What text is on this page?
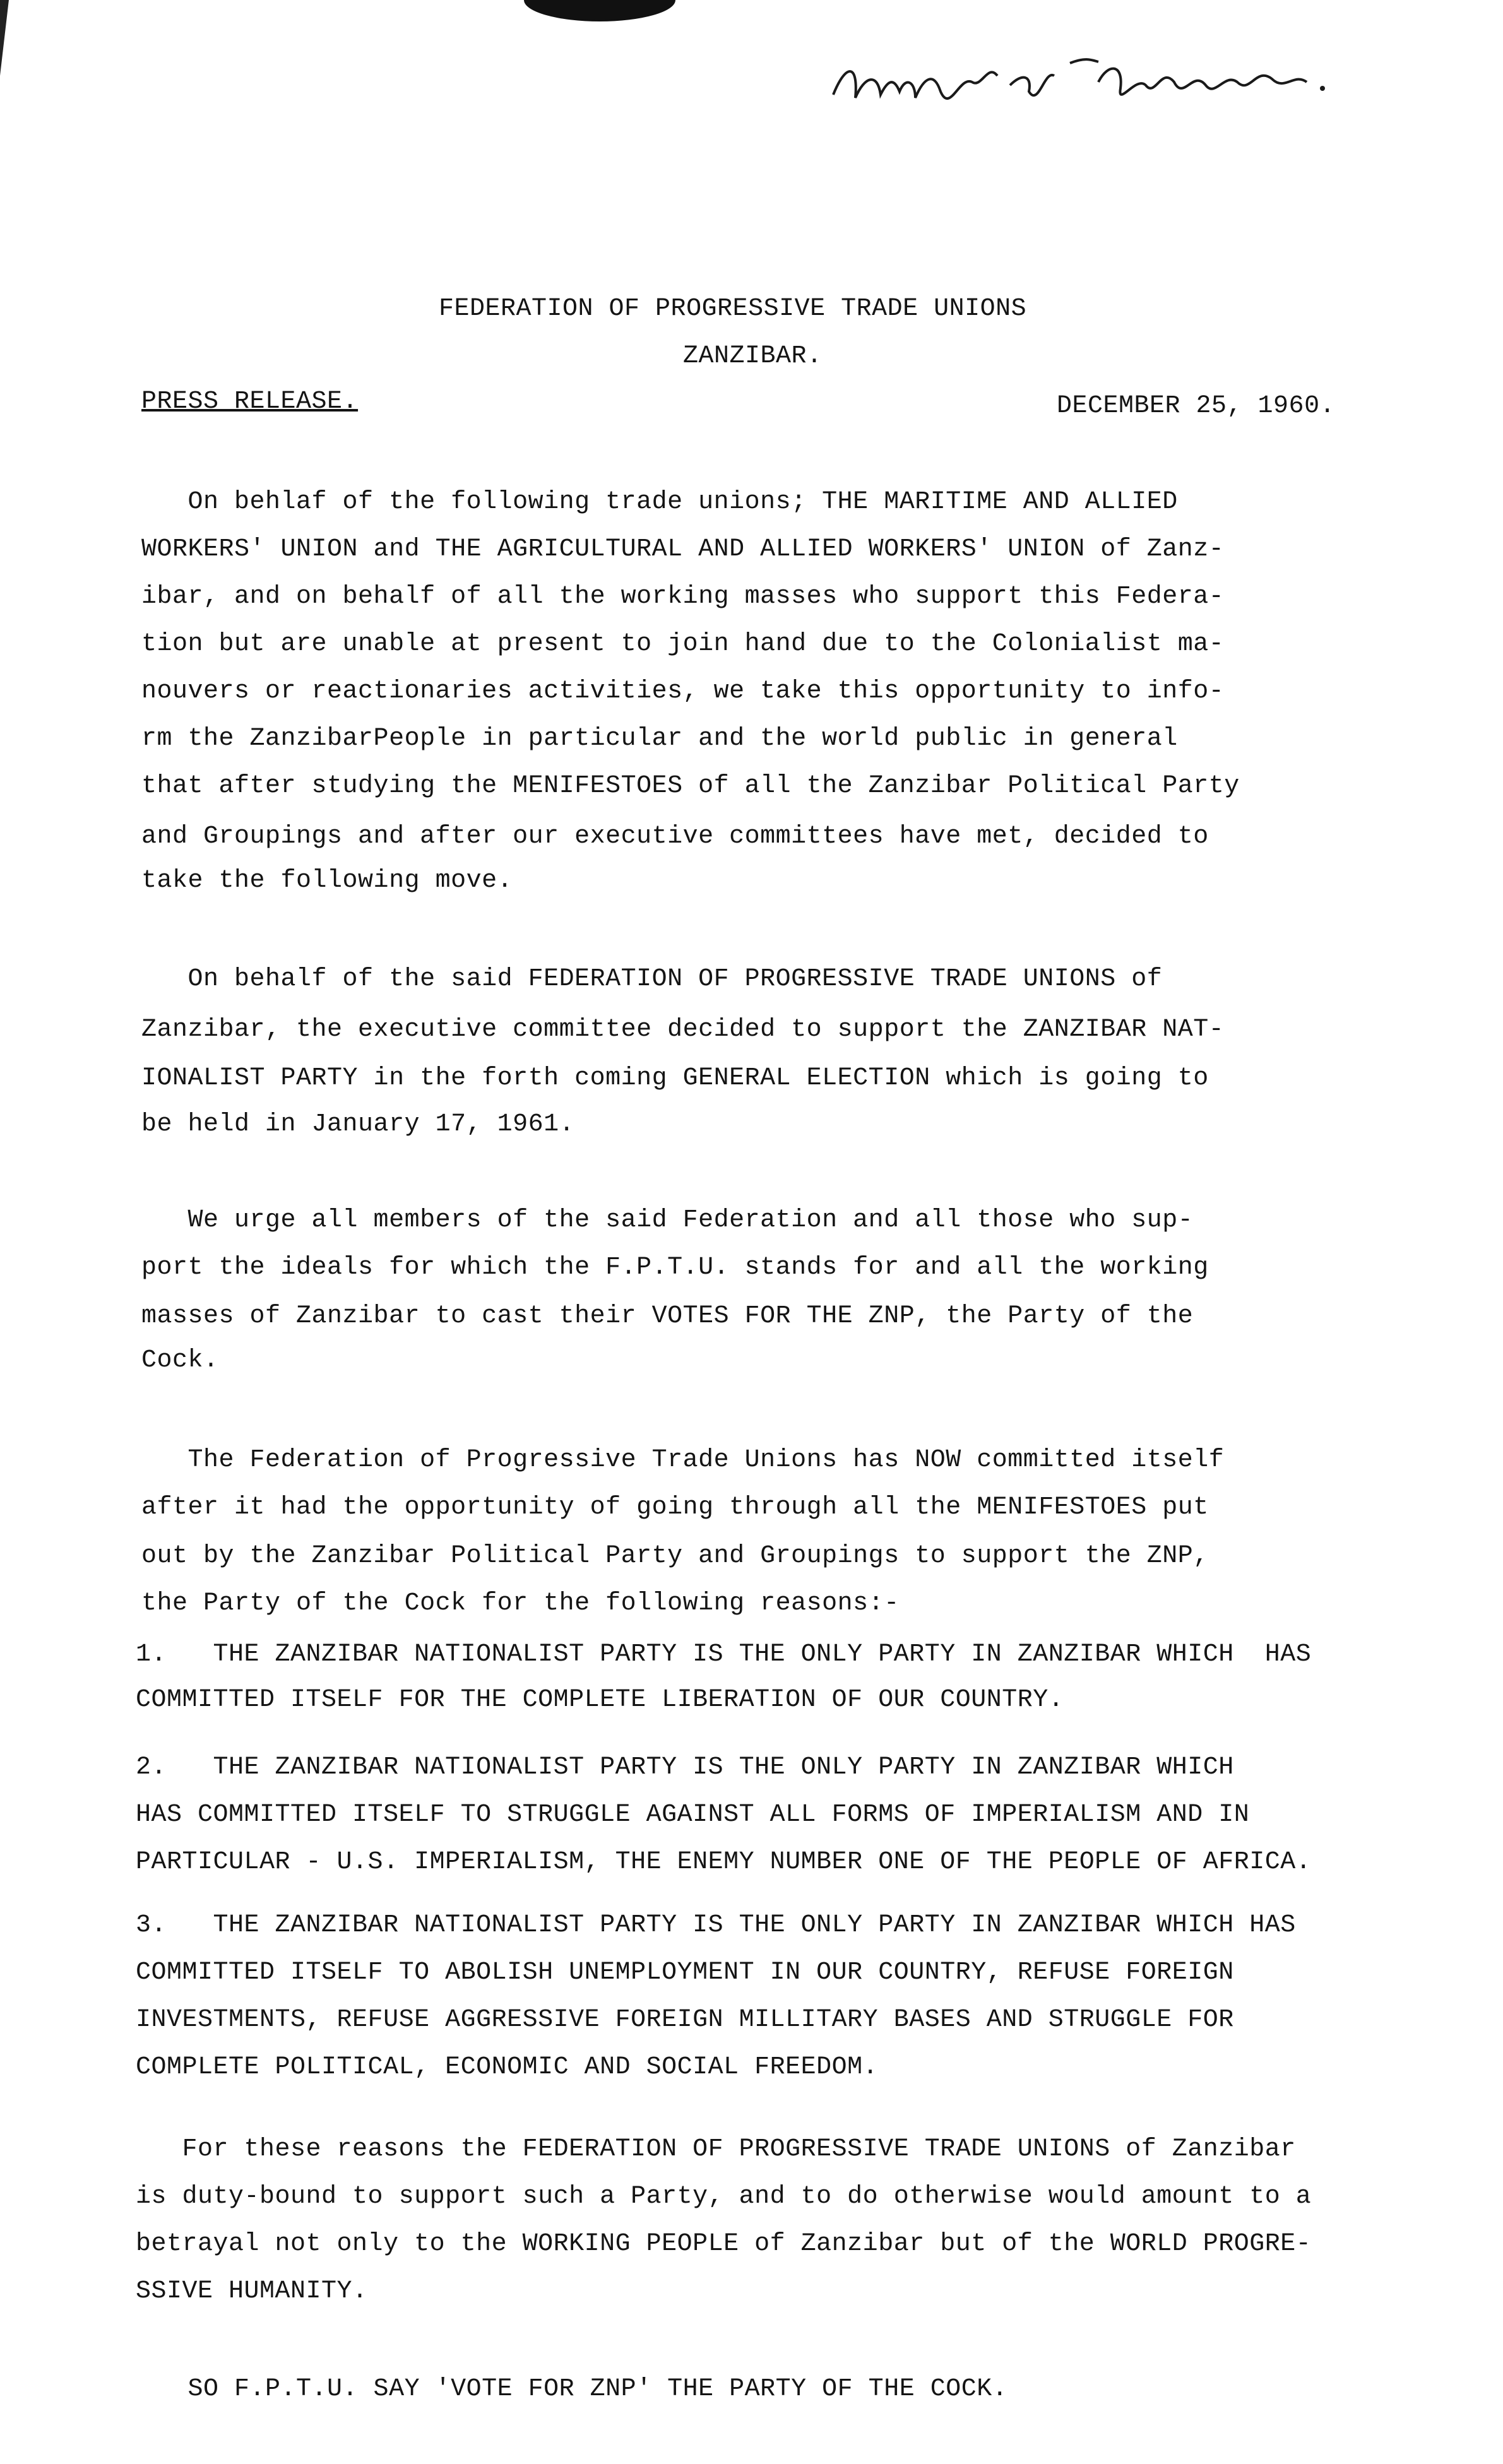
FEDERATION OF PROGRESSIVE TRADE UNIONS
ZANZIBAR.
PRESS RELEASE.	DECEMBER 25, 1960.
On behlaf of the following trade unions; THE MARITIME AND ALLIED
WORKERS' UNION and THE AGRICULTURAL AND ALLIED WORKERS' UNION of Zanz-
ibar, and on behalf of all the working masses who support this Federa-
tion but are unable at present to join hand due to the Colonialist ma-
nouvers or reactionaries activities, we take this opportunity to info-
rm the ZanzibarPeople in particular and the world public in general
that after studying the MENIFESTOES of all the Zanzibar Political Party
and Groupings and after our executive committees have met, decided to
take the following move.
On behalf of the said FEDERATION OF PROGRESSIVE TRADE UNIONS of
Zanzibar, the executive committee decided to support the ZANZIBAR NAT-
IONALIST PARTY in the forth coming GENERAL ELECTION which is going to
be held in January 17, 1961.
We urge all members of the said Federation and all those who sup-
port the ideals for which the F.P.T.U. stands for and all the working
masses of Zanzibar to cast their VOTES FOR THE ZNP, the Party of the
Cock.
The Federation of Progressive Trade Unions has NOW committed itself
after it had the opportunity of going through all the MENIFESTOES put
out by the Zanzibar Political Party and Groupings to support the ZNP,
the Party of the Cock for the following reasons:-
1.   THE ZANZIBAR NATIONALIST PARTY IS THE ONLY PARTY IN ZANZIBAR WHICH  HAS
COMMITTED ITSELF FOR THE COMPLETE LIBERATION OF OUR COUNTRY.
2.   THE ZANZIBAR NATIONALIST PARTY IS THE ONLY PARTY IN ZANZIBAR WHICH
HAS COMMITTED ITSELF TO STRUGGLE AGAINST ALL FORMS OF IMPERIALISM AND IN
PARTICULAR - U.S. IMPERIALISM, THE ENEMY NUMBER ONE OF THE PEOPLE OF AFRICA.
3.   THE ZANZIBAR NATIONALIST PARTY IS THE ONLY PARTY IN ZANZIBAR WHICH HAS
COMMITTED ITSELF TO ABOLISH UNEMPLOYMENT IN OUR COUNTRY, REFUSE FOREIGN
INVESTMENTS, REFUSE AGGRESSIVE FOREIGN MILLITARY BASES AND STRUGGLE FOR
COMPLETE POLITICAL, ECONOMIC AND SOCIAL FREEDOM.
For these reasons the FEDERATION OF PROGRESSIVE TRADE UNIONS of Zanzibar
is duty-bound to support such a Party, and to do otherwise would amount to a
betrayal not only to the WORKING PEOPLE of Zanzibar but of the WORLD PROGRE-
SSIVE HUMANITY.
SO F.P.T.U. SAY 'VOTE FOR ZNP' THE PARTY OF THE COCK.
